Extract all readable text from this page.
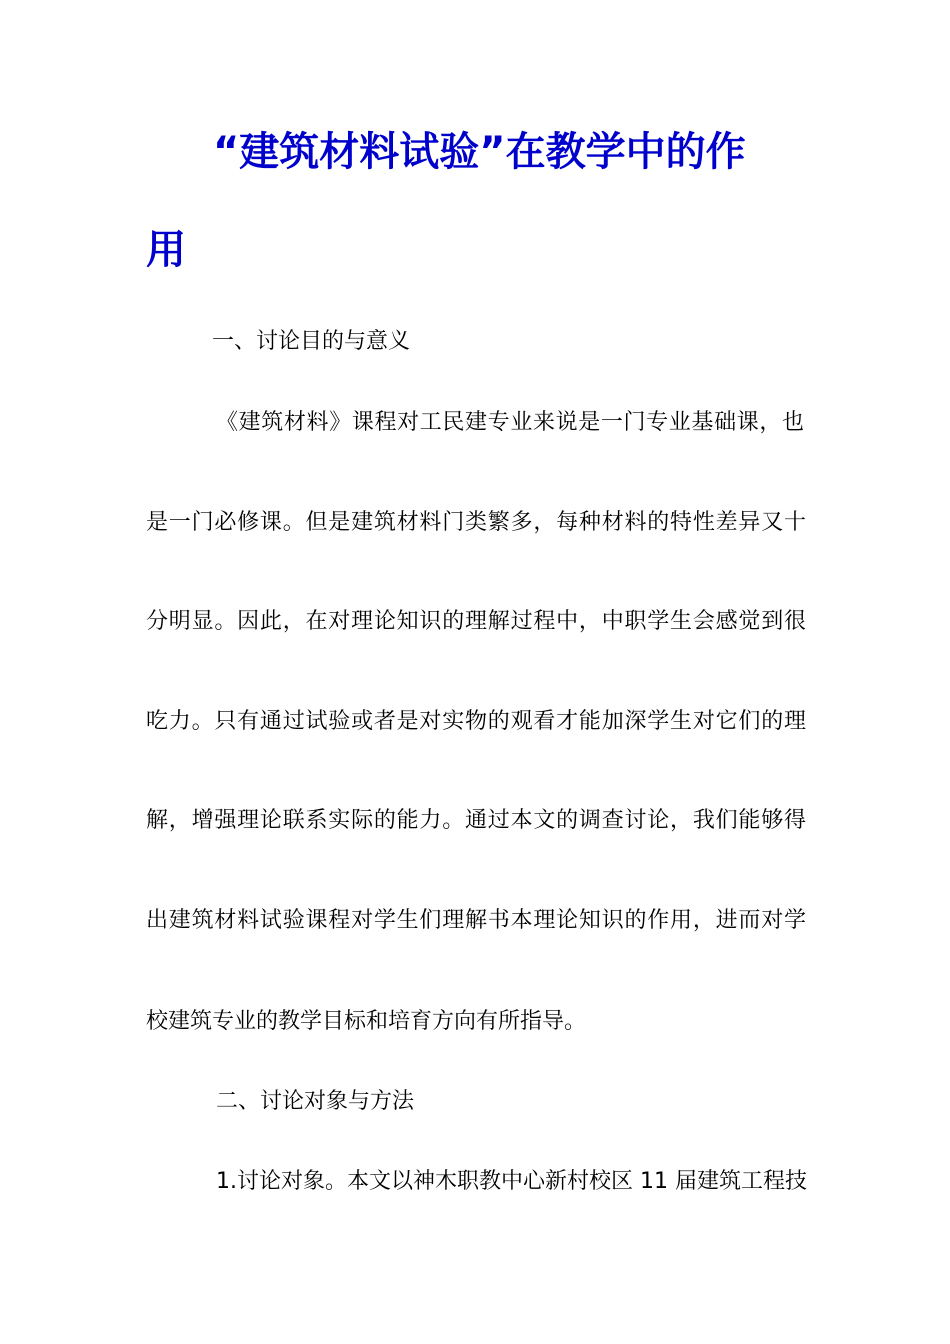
“建筑材料试验”在教学中的作
用
一、讨论目的与意义
《建筑材料》课程对工民建专业来说是一门专业基础课，也
是一门必修课。但是建筑材料门类繁多，每种材料的特性差异又十
分明显。因此，在对理论知识的理解过程中，中职学生会感觉到很
吃力。只有通过试验或者是对实物的观看才能加深学生对它们的理
解，增强理论联系实际的能力。通过本文的调查讨论，我们能够得
出建筑材料试验课程对学生们理解书本理论知识的作用，进而对学
校建筑专业的教学目标和培育方向有所指导。
二、讨论对象与方法
1.讨论对象。本文以神木职教中心新村校区 11 届建筑工程技
